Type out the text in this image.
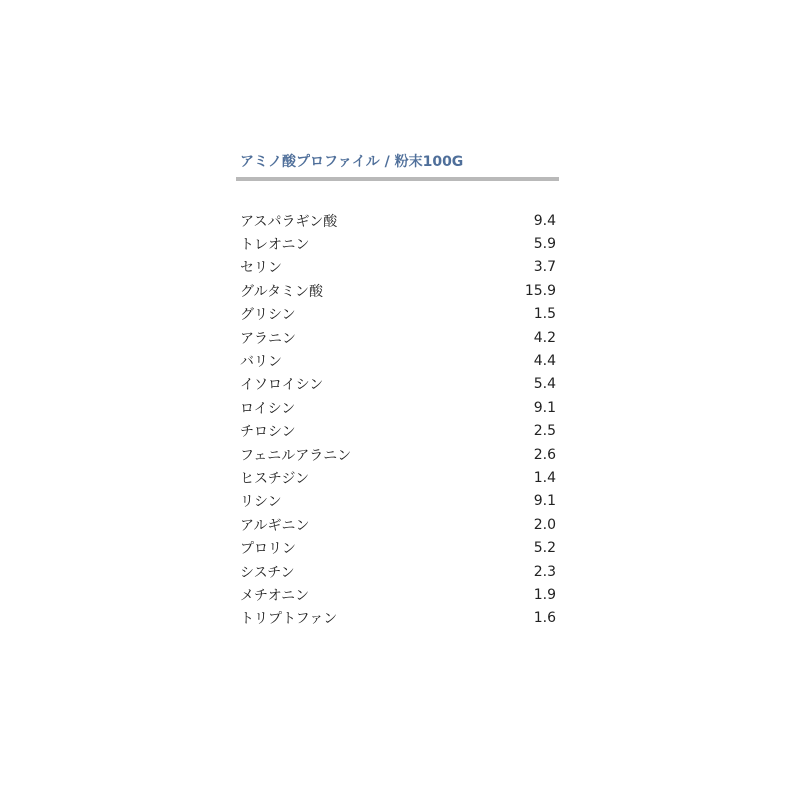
アミノ酸プロファイル / 粉末100G
アスパラギン酸	9.4
トレオニン	5.9
セリン	3.7
グルタミン酸	15.9
グリシン	1.5
アラニン	4.2
バリン	4.4
イソロイシン	5.4
ロイシン	9.1
チロシン	2.5
フェニルアラニン	2.6
ヒスチジン	1.4
リシン	9.1
アルギニン	2.0
プロリン	5.2
シスチン	2.3
メチオニン	1.9
トリプトファン	1.6
